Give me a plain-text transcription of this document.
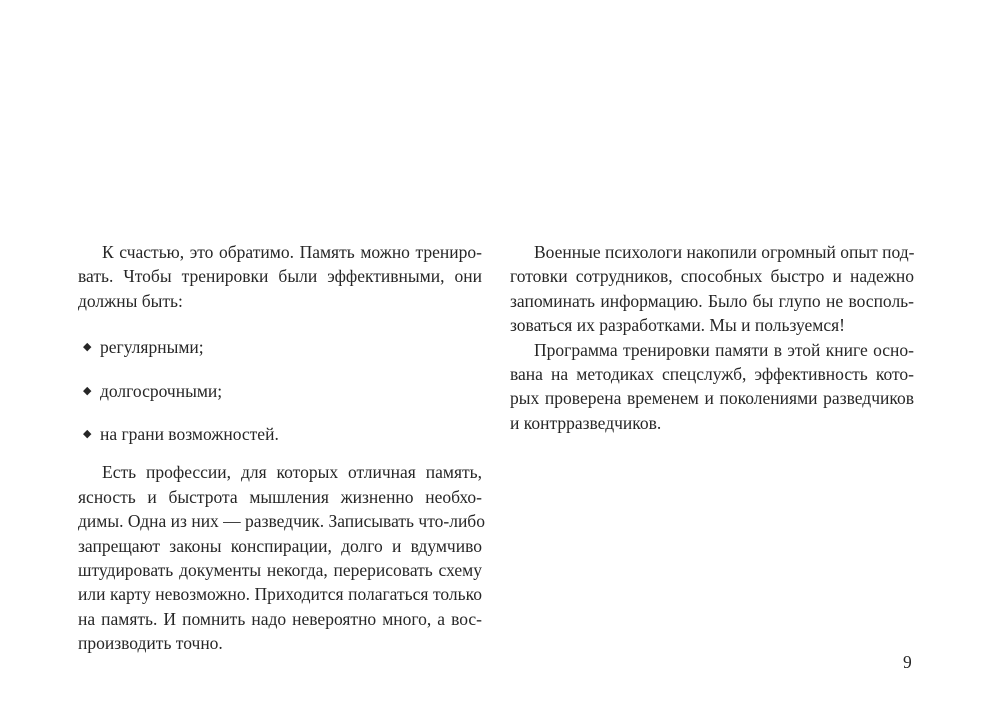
К счастью, это обратимо. Память можно трениро-
вать. Чтобы тренировки были эффективными, они
должны быть:
◆ регулярными;
◆ долгосрочными;
◆ на грани возможностей.
Есть профессии, для которых отличная память,
ясность и быстрота мышления жизненно необхо-
димы. Одна из них — разведчик. Записывать что-либо
запрещают законы конспирации, долго и вдумчиво
штудировать документы некогда, перерисовать схему
или карту невозможно. Приходится полагаться только
на память. И помнить надо невероятно много, а вос-
производить точно.
Военные психологи накопили огромный опыт под-
готовки сотрудников, способных быстро и надежно
запоминать информацию. Было бы глупо не восполь-
зоваться их разработками. Мы и пользуемся!
Программа тренировки памяти в этой книге осно-
вана на методиках спецслужб, эффективность кото-
рых проверена временем и поколениями разведчиков
и контрразведчиков.
9
